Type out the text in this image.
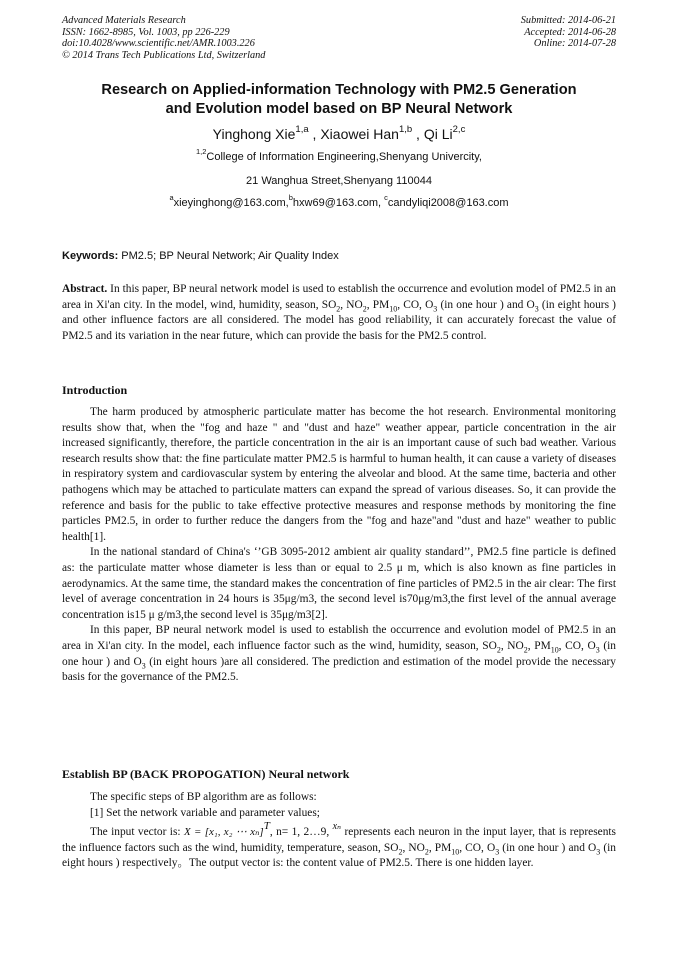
Advanced Materials Research
ISSN: 1662-8985, Vol. 1003, pp 226-229
doi:10.4028/www.scientific.net/AMR.1003.226
© 2014 Trans Tech Publications Ltd, Switzerland
Submitted: 2014-06-21
Accepted: 2014-06-28
Online: 2014-07-28
Research on Applied-information Technology with PM2.5 Generation
and Evolution model based on BP Neural Network
Yinghong Xie$^{1,a}$ , Xiaowei Han$^{1,b}$ , Qi Li$^{2,c}$
$^{1,2}$College of Information Engineering,Shenyang Univercity,
21 Wanghua Street,Shenyang 110044
$^a$xieyinghong@163.com,$^b$hxw69@163.com, $^c$candyliqi2008@163.com
Keywords: PM2.5; BP Neural Network; Air Quality Index

Abstract. In this paper, BP neural network model is used to establish the occurrence and evolution model of PM2.5 in an area in Xi'an city. In the model, wind, humidity, season, $SO_2$, $NO_2$, $PM_{10}$, CO, $O_3$ (in one hour ) and $O_3$ (in eight hours ) and other influence factors are all considered. The model has good reliability, it can accurately forecast the value of PM2.5 and its variation in the near future, which can provide the basis for the PM2.5 control.

Introduction

The harm produced by atmospheric particulate matter has become the hot research. Environmental monitoring results show that, when the "fog and haze " and "dust and haze" weather appear, particle concentration in the air increased significantly, therefore, the particle concentration in the air is an important cause of such bad weather. Various research results show that: the fine particulate matter PM2.5 is harmful to human health, it can cause a variety of diseases in respiratory system and cardiovascular system by entering the alveolar and blood. At the same time, bacteria and other pathogens which may be attached to particulate matters can expand the spread of various diseases. So, it can provide the reference and basis for the public to take effective protective measures and response methods by monitoring the fine particles PM2.5, in order to further reduce the dangers from the "fog and haze"and "dust and haze" weather to public health[1].

In the national standard of China's ‘’GB 3095-2012 ambient air quality standard’’, PM2.5 fine particle is defined as: the particulate matter whose diameter is less than or equal to 2.5 μ m, which is also known as fine particles in aerodynamics. At the same time, the standard makes the concentration of fine particles of PM2.5 in the air clear: The first level of average concentration in 24 hours is 35μg/m3, the second level is70μg/m3,the first level of the annual average concentration is15 μ g/m3,the second level is 35μg/m3[2].

In this paper, BP neural network model is used to establish the occurrence and evolution model of PM2.5 in an area in Xi'an city. In the model, each influence factor such as the wind, humidity, season, $SO_2$, $NO_2$, $PM_{10}$, CO, $O_3$ (in one hour ) and $O_3$ (in eight hours )are all considered. The prediction and estimation of the model provide the necessary basis for the governance of the PM2.5.

Establish BP (BACK PROPOGATION) Neural network

The specific steps of BP algorithm are as follows:

[1] Set the network variable and parameter values;

The input vector is: X = [x₁, x₂ ⋯ xₙ]$^T$, n= 1, 2…9, xₙ represents each neuron in the input layer, that is represents the influence factors such as the wind, humidity, temperature, season, $SO_2$, $NO_2$, $PM_{10}$, CO, $O_3$ (in one hour ) and $O_3$ (in eight hours ) respectively。The output vector is: the content value of PM2.5. There is one hidden layer.
